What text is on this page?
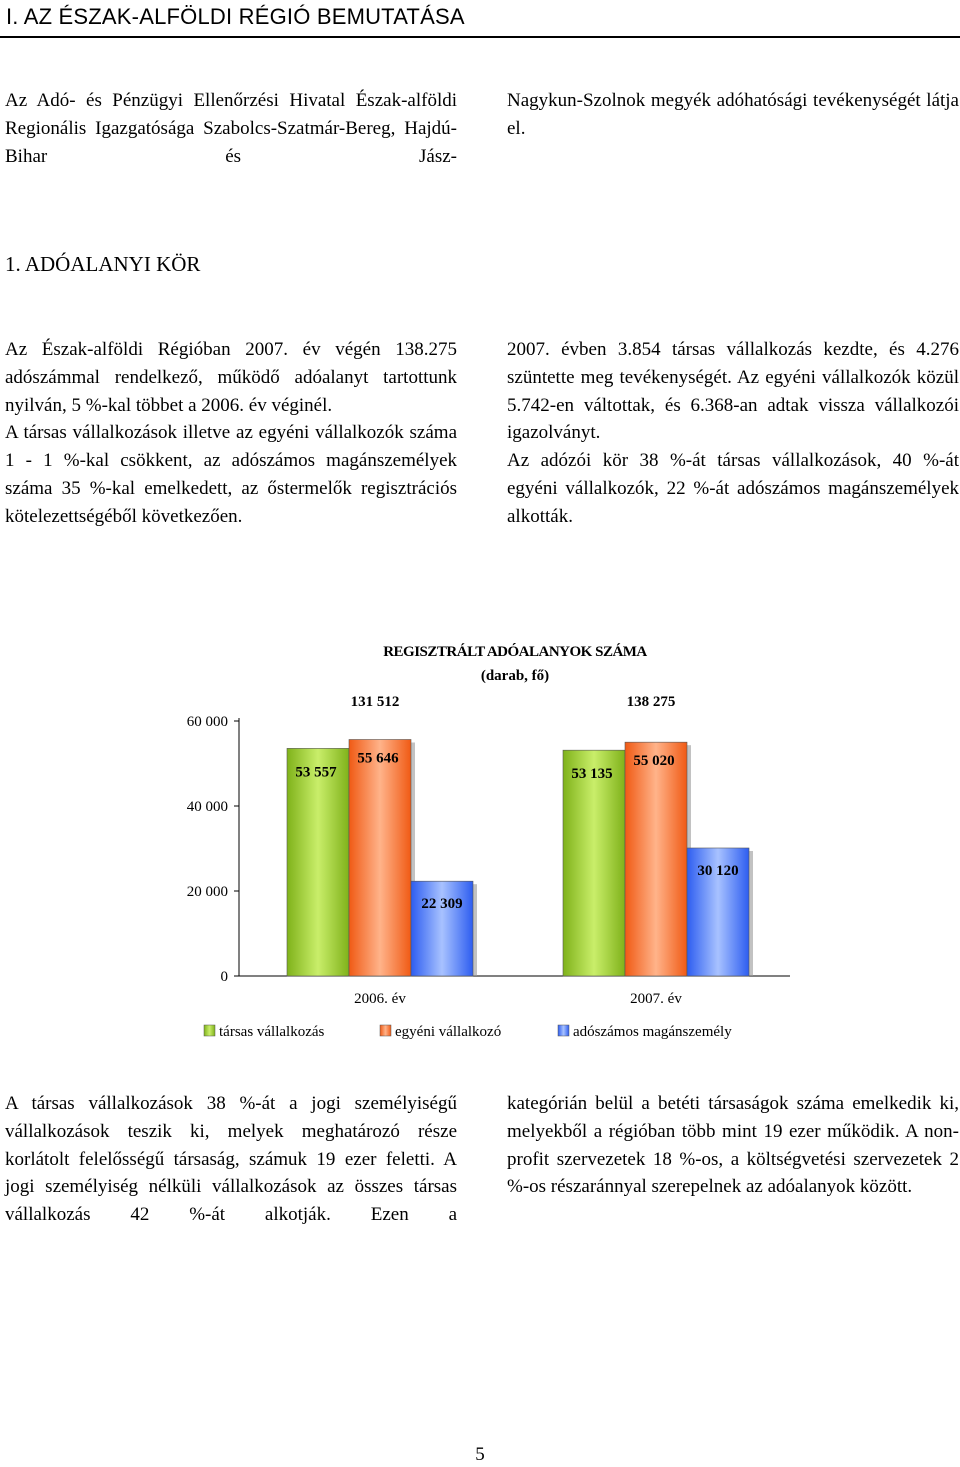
I. AZ ÉSZAK-ALFÖLDI RÉGIÓ BEMUTATÁSA

Az Adó- és Pénzügyi Ellenőrzési Hivatal Észak-alföldi Regionális Igazgatósága Szabolcs-Szatmár-Bereg, Hajdú-Bihar és Jász-

Nagykun-Szolnok megyék adóhatósági tevékenységét látja el.

1. ADÓALANYI KÖR

Az Észak-alföldi Régióban 2007. év végén 138.275 adószámmal rendelkező, működő adóalanyt tartottunk nyilván, 5 %-kal többet a 2006. év véginél.

A társas vállalkozások illetve az egyéni vállalkozók száma 1 - 1 %-kal csökkent, az adószámos magánszemélyek száma 35 %-kal emelkedett, az őstermelők regisztrációs kötelezettségéből következően.

2007. évben 3.854 társas vállalkozás kezdte, és 4.276 szüntette meg tevékenységét. Az egyéni vállalkozók közül 5.742-en váltottak, és 6.368-an adtak vissza vállalkozói igazolványt.

Az adózói kör 38 %-át társas vállalkozások, 40 %-át egyéni vállalkozók, 22 %-át adószámos magánszemélyek alkották.

REGISZTRÁLT ADÓALANYOK SZÁMA
(darab, fő)
0
20 000
40 000
60 000
2006. év
131 512
53 557
55 646
22 309
2007. év
138 275
53 135
55 020
30 120
társas vállalkozás	egyéni vállalkozó	adószámos magánszemély

A társas vállalkozások 38 %-át a jogi személyiségű vállalkozások teszik ki, melyek meghatározó része korlátolt felelősségű társaság, számuk 19 ezer feletti. A jogi személyiség nélküli vállalkozások az összes társas vállalkozás 42 %-át alkotják. Ezen a

kategórián belül a betéti társaságok száma emelkedik ki, melyekből a régióban több mint 19 ezer működik. A non-profit szervezetek 18 %-os, a költségvetési szervezetek 2 %-os részaránnyal szerepelnek az adóalanyok között.

5
